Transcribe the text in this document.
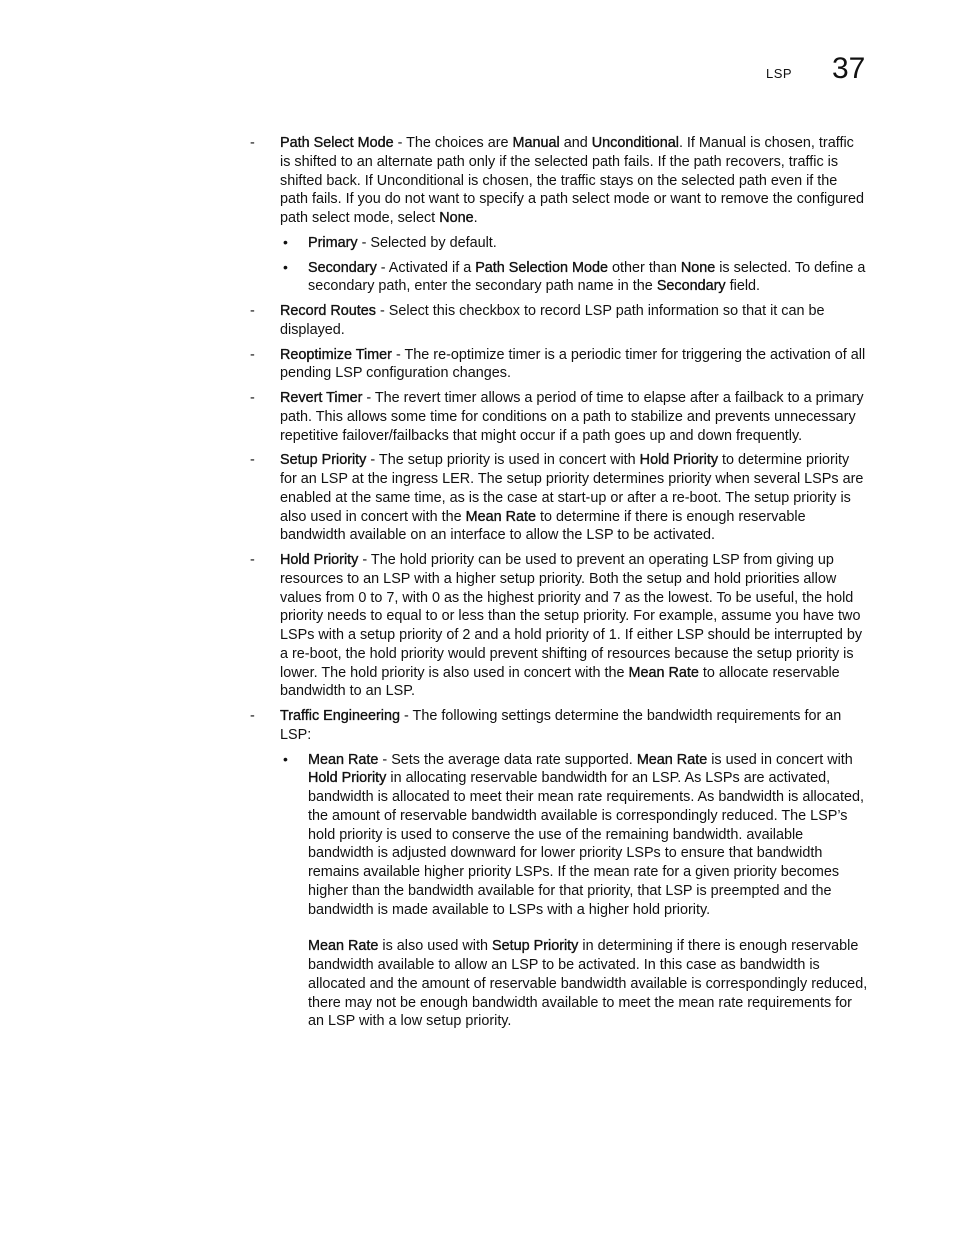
LSP 37
- Path Select Mode - The choices are Manual and Unconditional. If Manual is chosen, traffic is shifted to an alternate path only if the selected path fails. If the path recovers, traffic is shifted back. If Unconditional is chosen, the traffic stays on the selected path even if the path fails. If you do not want to specify a path select mode or want to remove the configured path select mode, select None.

• Primary - Selected by default.

• Secondary - Activated if a Path Selection Mode other than None is selected. To define a secondary path, enter the secondary path name in the Secondary field.

- Record Routes - Select this checkbox to record LSP path information so that it can be displayed.

- Reoptimize Timer - The re-optimize timer is a periodic timer for triggering the activation of all pending LSP configuration changes.

- Revert Timer - The revert timer allows a period of time to elapse after a failback to a primary path. This allows some time for conditions on a path to stabilize and prevents unnecessary repetitive failover/failbacks that might occur if a path goes up and down frequently.

- Setup Priority - The setup priority is used in concert with Hold Priority to determine priority for an LSP at the ingress LER. The setup priority determines priority when several LSPs are enabled at the same time, as is the case at start-up or after a re-boot. The setup priority is also used in concert with the Mean Rate to determine if there is enough reservable bandwidth available on an interface to allow the LSP to be activated.

- Hold Priority - The hold priority can be used to prevent an operating LSP from giving up resources to an LSP with a higher setup priority. Both the setup and hold priorities allow values from 0 to 7, with 0 as the highest priority and 7 as the lowest. To be useful, the hold priority needs to equal to or less than the setup priority. For example, assume you have two LSPs with a setup priority of 2 and a hold priority of 1. If either LSP should be interrupted by a re-boot, the hold priority would prevent shifting of resources because the setup priority is lower. The hold priority is also used in concert with the Mean Rate to allocate reservable bandwidth to an LSP.

- Traffic Engineering - The following settings determine the bandwidth requirements for an LSP:

• Mean Rate - Sets the average data rate supported. Mean Rate is used in concert with Hold Priority in allocating reservable bandwidth for an LSP. As LSPs are activated, bandwidth is allocated to meet their mean rate requirements. As bandwidth is allocated, the amount of reservable bandwidth available is correspondingly reduced. The LSP’s hold priority is used to conserve the use of the remaining bandwidth. available bandwidth is adjusted downward for lower priority LSPs to ensure that bandwidth remains available higher priority LSPs. If the mean rate for a given priority becomes higher than the bandwidth available for that priority, that LSP is preempted and the bandwidth is made available to LSPs with a higher hold priority.

Mean Rate is also used with Setup Priority in determining if there is enough reservable bandwidth available to allow an LSP to be activated. In this case as bandwidth is allocated and the amount of reservable bandwidth available is correspondingly reduced, there may not be enough bandwidth available to meet the mean rate requirements for an LSP with a low setup priority.
